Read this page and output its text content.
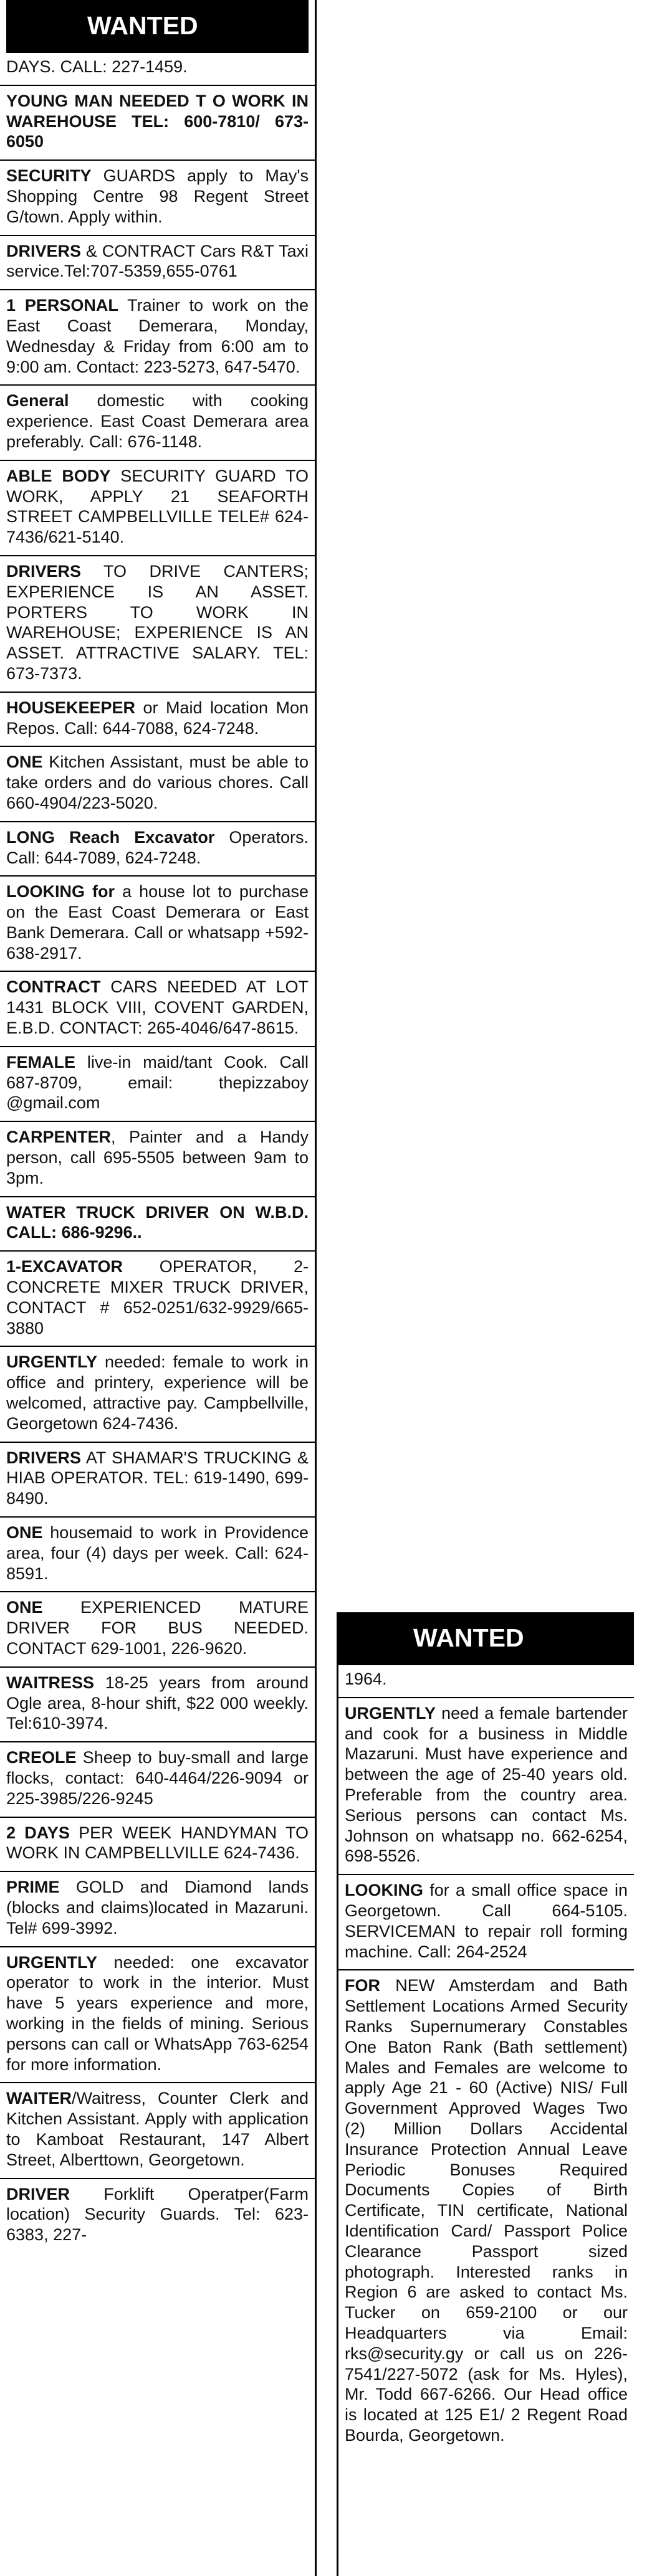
WANTED
DAYS. CALL: 227-1459.
YOUNG MAN NEEDED T O WORK IN WAREHOUSE TEL: 600-7810/ 673-6050
SECURITY GUARDS apply to May's Shopping Centre 98 Regent Street G/town. Apply within.
DRIVERS & CONTRACT Cars R&T Taxi service.Tel:707-5359,655-0761
1 PERSONAL Trainer to work on the East Coast Demerara, Monday, Wednesday & Friday from 6:00 am to 9:00 am. Contact: 223-5273, 647-5470.
General domestic with cooking experience. East Coast Demerara area preferably. Call: 676-1148.
ABLE BODY SECURITY GUARD TO WORK, APPLY 21 SEAFORTH STREET CAMPBELLVILLE TELE# 624-7436/621-5140.
DRIVERS TO DRIVE CANTERS; EXPERIENCE IS AN ASSET. PORTERS TO WORK IN WAREHOUSE; EXPERIENCE IS AN ASSET. ATTRACTIVE SALARY. TEL: 673-7373.
HOUSEKEEPER or Maid location Mon Repos. Call: 644-7088, 624-7248.
ONE Kitchen Assistant, must be able to take orders and do various chores. Call 660-4904/223-5020.
LONG Reach Excavator Operators. Call: 644-7089, 624-7248.
LOOKING for a house lot to purchase on the East Coast Demerara or East Bank Demerara. Call or whatsapp +592-638-2917.
CONTRACT CARS NEEDED AT LOT 1431 BLOCK VIII, COVENT GARDEN, E.B.D. CONTACT: 265-4046/647-8615.
FEMALE live-in maid/tant Cook. Call 687-8709, email: thepizzaboy @gmail.com
CARPENTER, Painter and a Handy person, call 695-5505 between 9am to 3pm.
WATER TRUCK DRIVER ON W.B.D. CALL: 686-9296..
1-EXCAVATOR OPERATOR, 2- CONCRETE MIXER TRUCK DRIVER, CONTACT # 652-0251/632-9929/665-3880
URGENTLY needed: female to work in office and printery, experience will be welcomed, attractive pay. Campbellville, Georgetown 624-7436.
DRIVERS AT SHAMAR'S TRUCKING & HIAB OPERATOR. TEL: 619-1490, 699-8490.
ONE housemaid to work in Providence area, four (4) days per week. Call: 624-8591.
ONE EXPERIENCED MATURE DRIVER FOR BUS NEEDED. CONTACT 629-1001, 226-9620.
WAITRESS 18-25 years from around Ogle area, 8-hour shift, $22 000 weekly. Tel:610-3974.
CREOLE Sheep to buy-small and large flocks, contact: 640-4464/226-9094 or 225-3985/226-9245
2 DAYS PER WEEK HANDYMAN TO WORK IN CAMPBELLVILLE 624-7436.
PRIME GOLD and Diamond lands (blocks and claims)located in Mazaruni. Tel# 699-3992.
URGENTLY needed: one excavator operator to work in the interior. Must have 5 years experience and more, working in the fields of mining. Serious persons can call or WhatsApp 763-6254 for more information.
WAITER/Waitress, Counter Clerk and Kitchen Assistant. Apply with application to Kamboat Restaurant, 147 Albert Street, Alberttown, Georgetown.
DRIVER Forklift Operatper(Farm location) Security Guards. Tel: 623-6383, 227-
WANTED
1964.
URGENTLY need a female bartender and cook for a business in Middle Mazaruni. Must have experience and between the age of 25-40 years old. Preferable from the country area. Serious persons can contact Ms. Johnson on whatsapp no. 662-6254, 698-5526.
LOOKING for a small office space in Georgetown. Call 664-5105. SERVICEMAN to repair roll forming machine. Call: 264-2524
FOR NEW Amsterdam and Bath Settlement Locations Armed Security Ranks Supernumerary Constables One Baton Rank (Bath settlement) Males and Females are welcome to apply Age 21 - 60 (Active) NIS/ Full Government Approved Wages Two (2) Million Dollars Accidental Insurance Protection Annual Leave Periodic Bonuses Required Documents Copies of Birth Certificate, TIN certificate, National Identification Card/ Passport Police Clearance Passport sized photograph. Interested ranks in Region 6 are asked to contact Ms. Tucker on 659-2100 or our Headquarters via Email: rks@security.gy or call us on 226-7541/227-5072 (ask for Ms. Hyles), Mr. Todd 667-6266. Our Head office is located at 125 E1/ 2 Regent Road Bourda, Georgetown.
